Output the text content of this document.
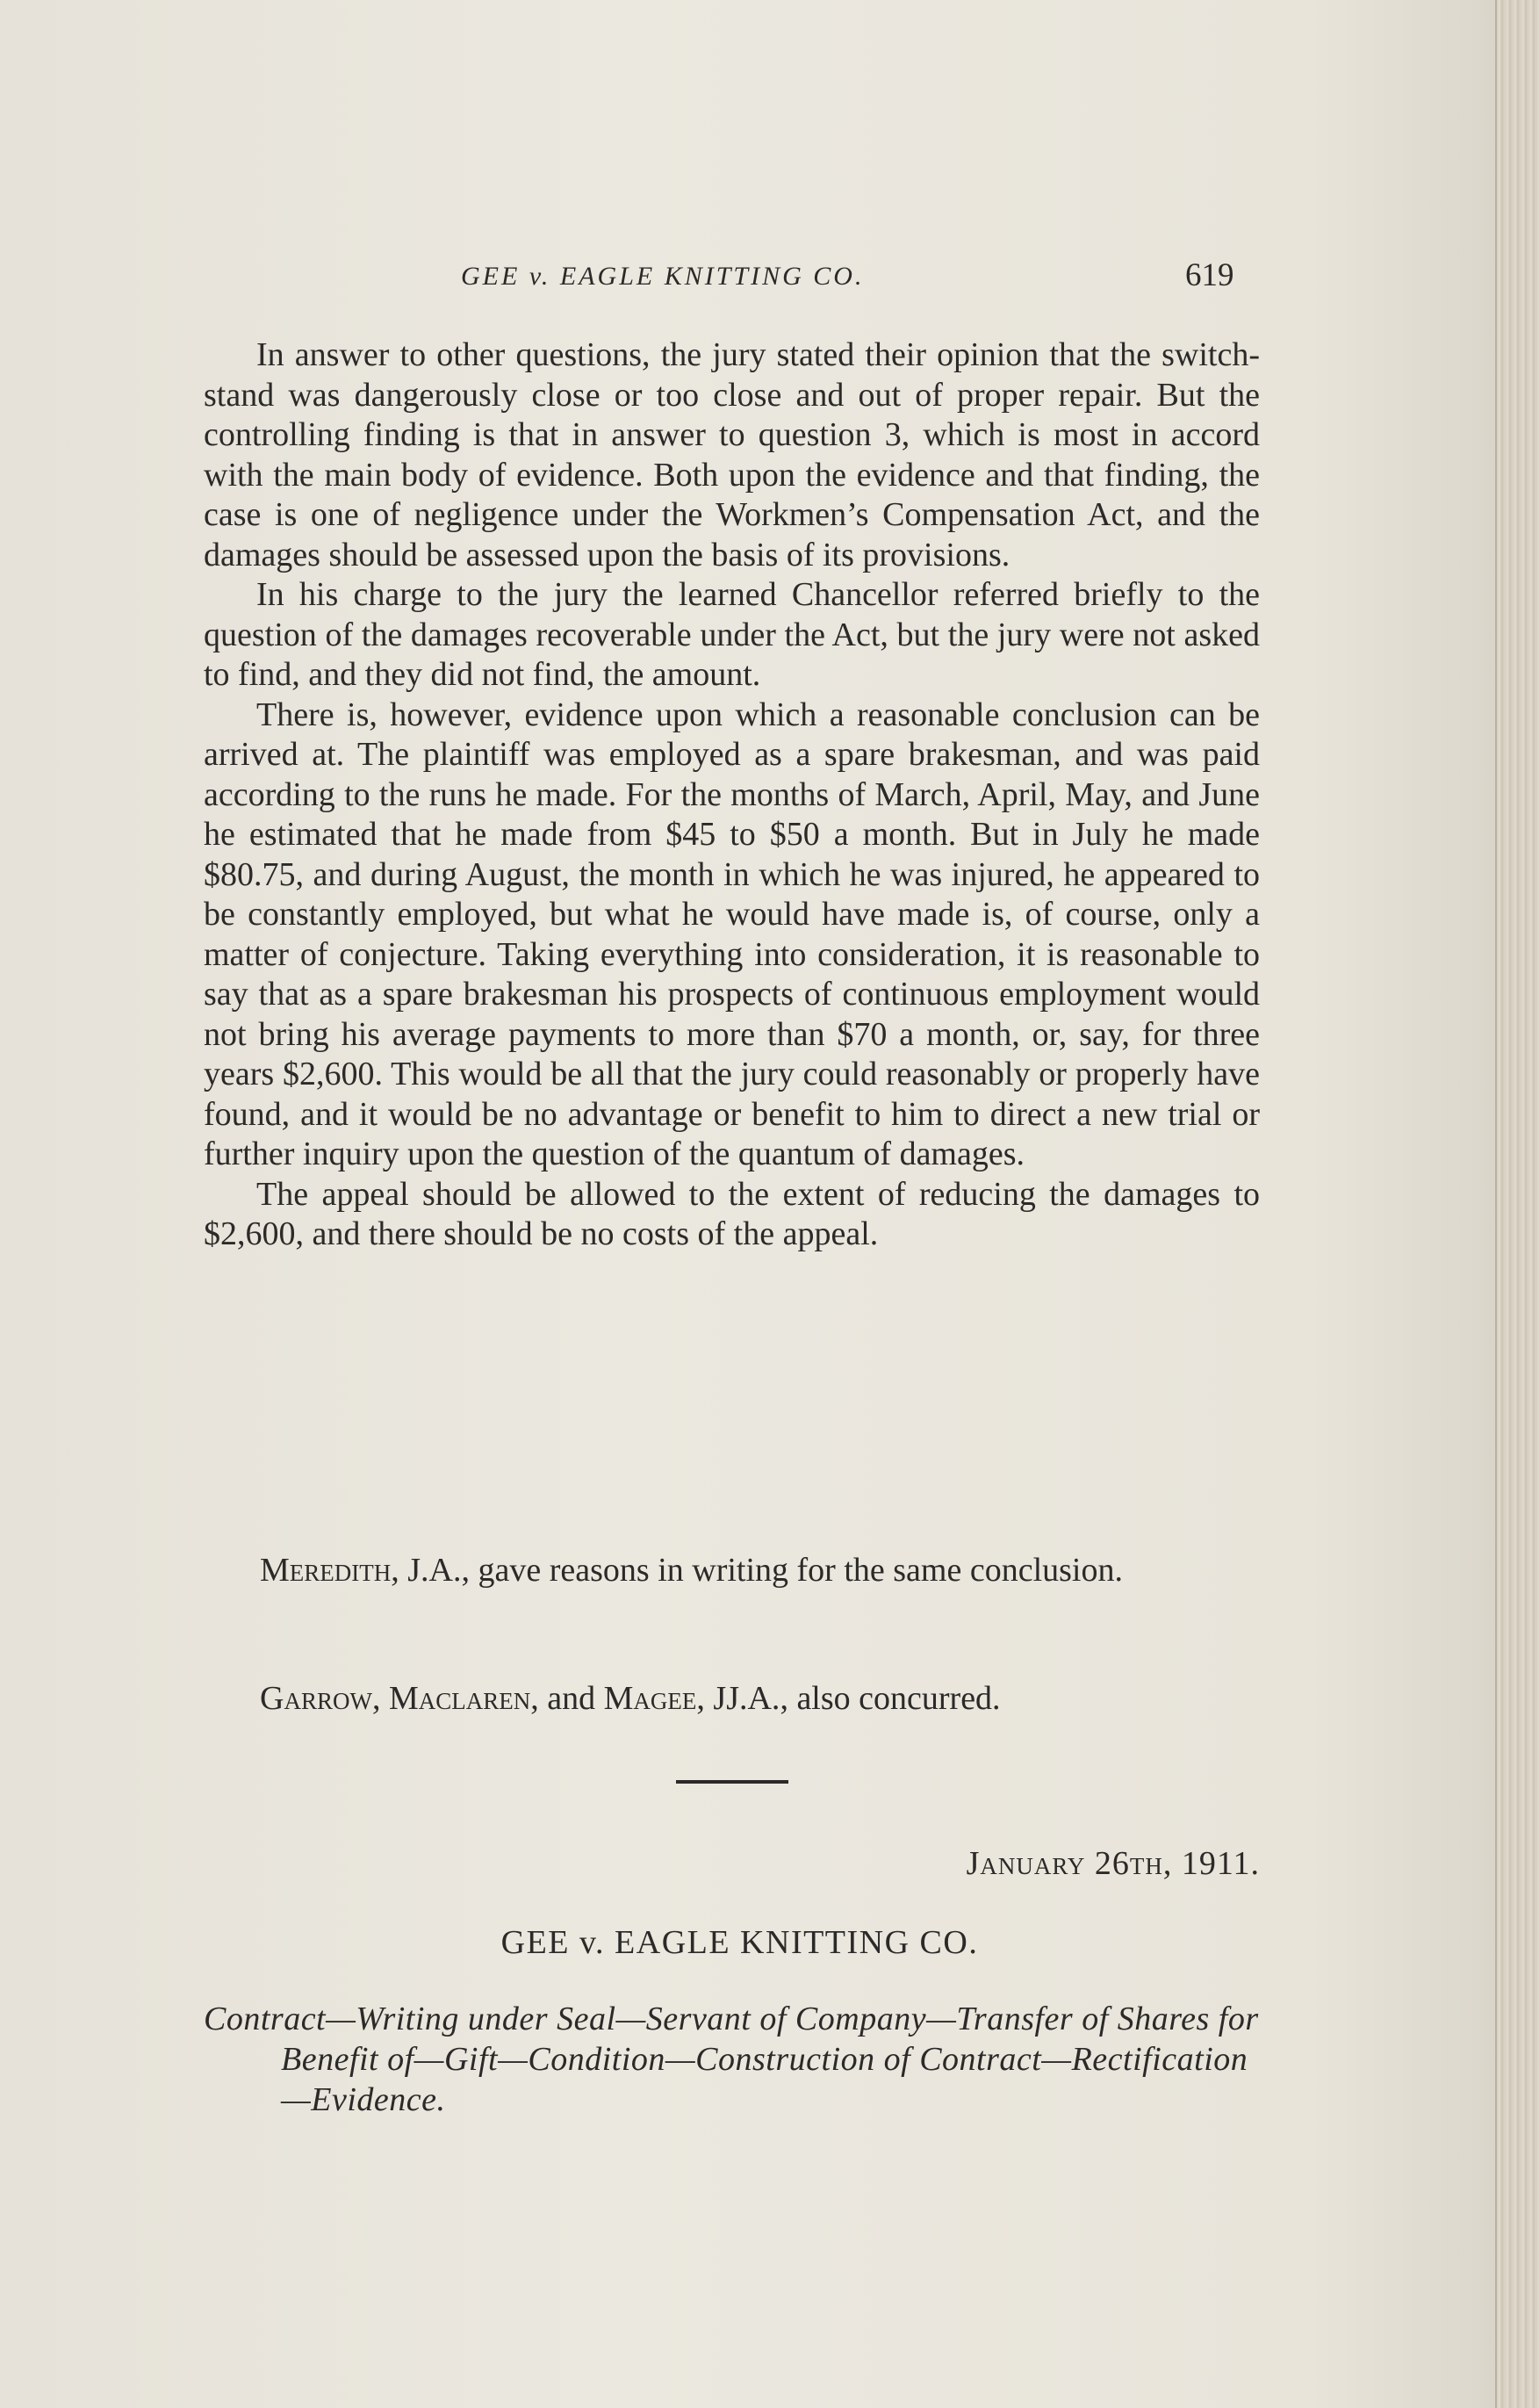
GEE v. EAGLE KNITTING CO.	619

In answer to other questions, the jury stated their opinion that the switch-stand was dangerously close or too close and out of proper repair. But the controlling finding is that in answer to question 3, which is most in accord with the main body of evidence. Both upon the evidence and that finding, the case is one of negligence under the Workmen’s Compensation Act, and the damages should be assessed upon the basis of its provisions.

In his charge to the jury the learned Chancellor referred briefly to the question of the damages recoverable under the Act, but the jury were not asked to find, and they did not find, the amount.

There is, however, evidence upon which a reasonable conclusion can be arrived at. The plaintiff was employed as a spare brakesman, and was paid according to the runs he made. For the months of March, April, May, and June he estimated that he made from $45 to $50 a month. But in July he made $80.75, and during August, the month in which he was injured, he appeared to be constantly employed, but what he would have made is, of course, only a matter of conjecture. Taking everything into consideration, it is reasonable to say that as a spare brakesman his prospects of continuous employment would not bring his average payments to more than $70 a month, or, say, for three years $2,600. This would be all that the jury could reasonably or properly have found, and it would be no advantage or benefit to him to direct a new trial or further inquiry upon the question of the quantum of damages.

The appeal should be allowed to the extent of reducing the damages to $2,600, and there should be no costs of the appeal.

Meredith, J.A., gave reasons in writing for the same conclusion.
Garrow, Maclaren, and Magee, JJ.A., also concurred.
January 26th, 1911.
GEE v. EAGLE KNITTING CO.
Contract—Writing under Seal—Servant of Company—Transfer of Shares for Benefit of—Gift—Condition—Construction of Contract—Rectification—Evidence.
